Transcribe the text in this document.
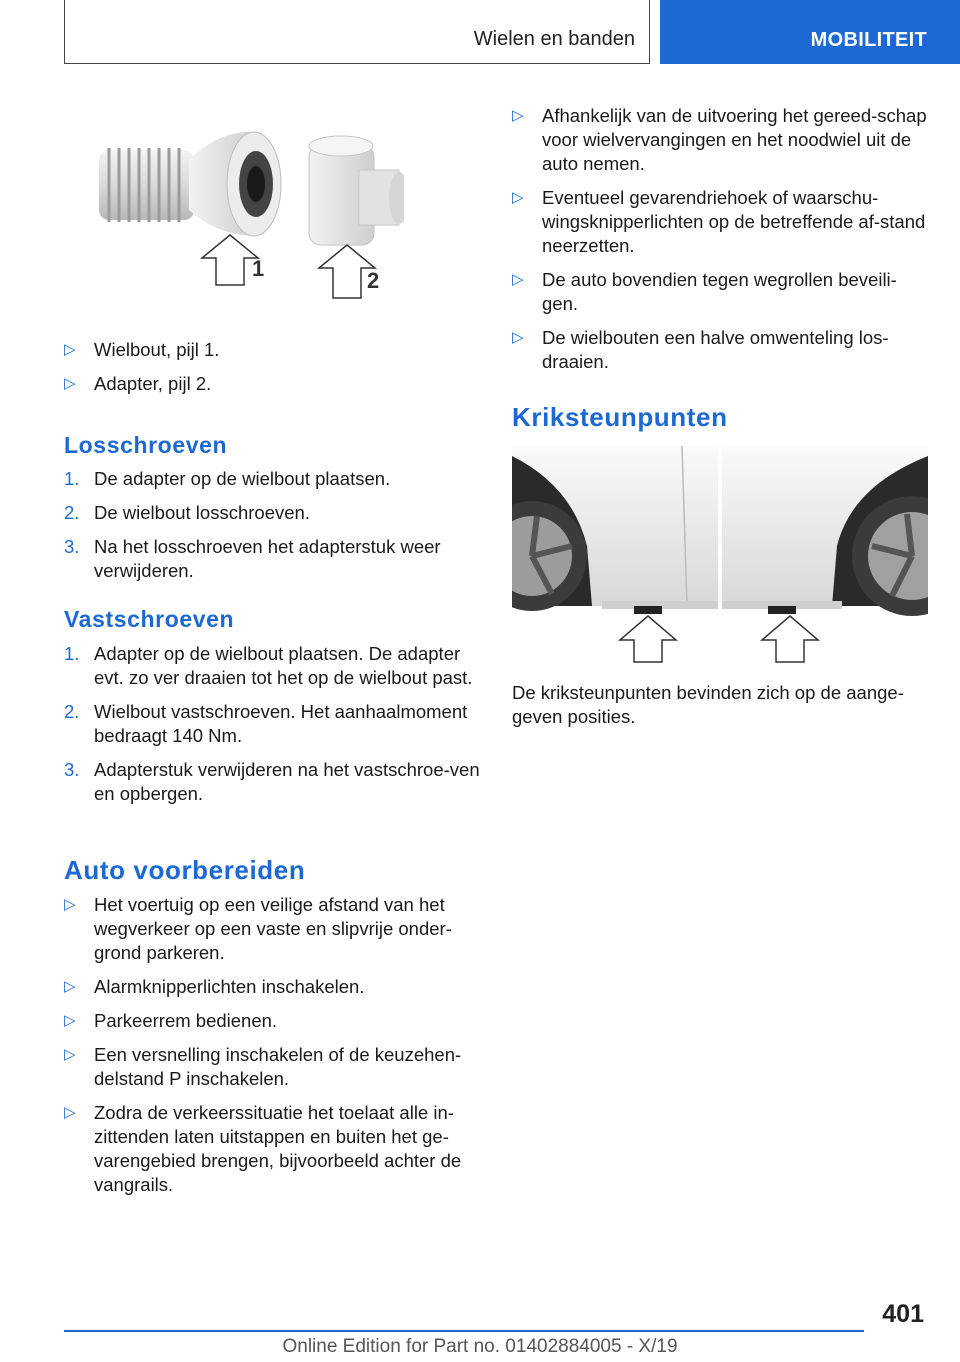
Wielen en banden	MOBILITEIT
1	2
▷ Wielbout, pijl 1.
▷ Adapter, pijl 2.
Losschroeven
1. De adapter op de wielbout plaatsen.
2. De wielbout losschroeven.
3. Na het losschroeven het adapterstuk weer verwijderen.
Vastschroeven
1. Adapter op de wielbout plaatsen. De adapter evt. zo ver draaien tot het op de wielbout past.
2. Wielbout vastschroeven. Het aanhaalmoment bedraagt 140 Nm.
3. Adapterstuk verwijderen na het vastschroe-ven en opbergen.
Auto voorbereiden
▷ Het voertuig op een veilige afstand van het wegverkeer op een vaste en slipvrije onder-grond parkeren.
▷ Alarmknipperlichten inschakelen.
▷ Parkeerrem bedienen.
▷ Een versnelling inschakelen of de keuzehen-delstand P inschakelen.
▷ Zodra de verkeerssituatie het toelaat alle in-zittenden laten uitstappen en buiten het ge-varengebied brengen, bijvoorbeeld achter de vangrails.
▷ Afhankelijk van de uitvoering het gereed-schap voor wielvervangingen en het noodwiel uit de auto nemen.
▷ Eventueel gevarendriehoek of waarschu-wingsknipperlichten op de betreffende af-stand neerzetten.
▷ De auto bovendien tegen wegrollen beveili-gen.
▷ De wielbouten een halve omwenteling los-draaien.
Kriksteunpunten
De kriksteunpunten bevinden zich op de aange-geven posities.
401
Online Edition for Part no. 01402884005 - X/19
